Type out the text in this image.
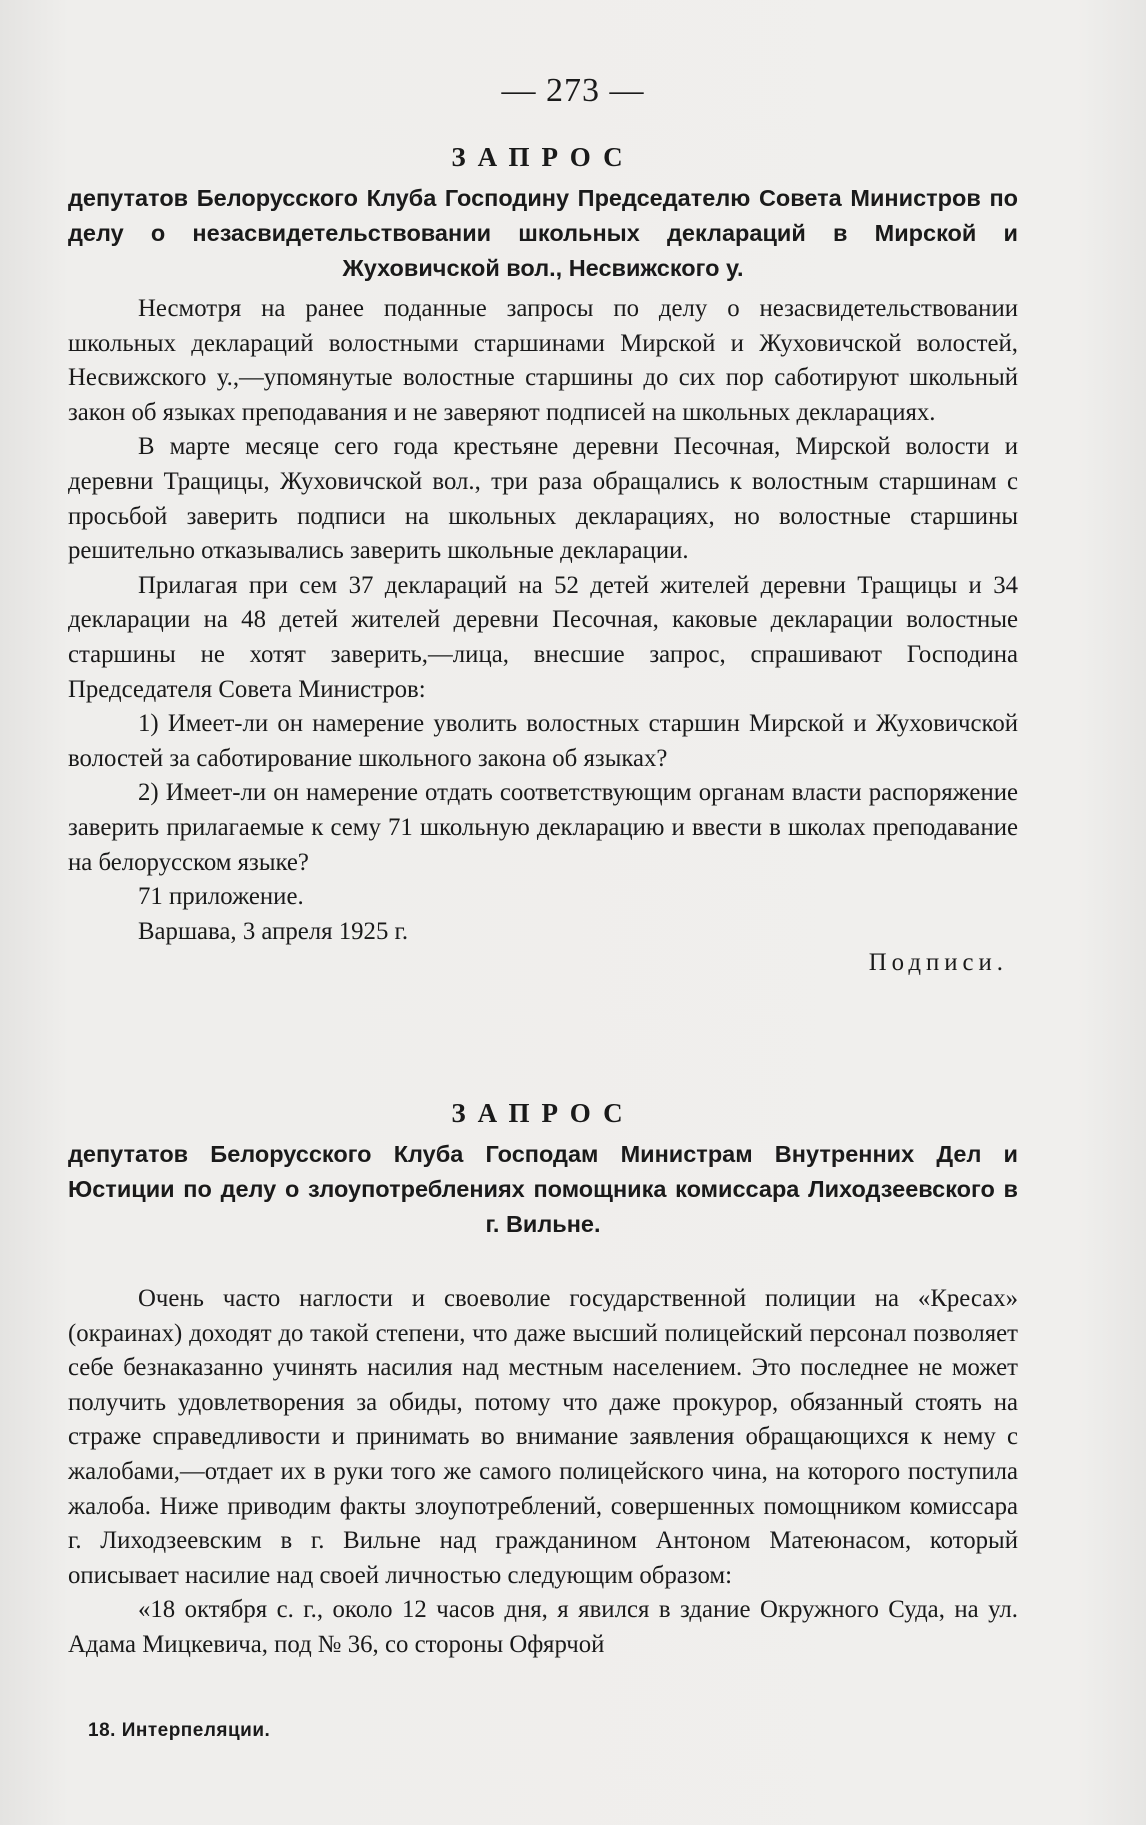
— 273 —
ЗАПРОС
депутатов Белорусского Клуба Господину Председателю Совета Министров по делу о незасвидетельствовании школьных деклараций в Мирской и Жуховичской вол., Несвижского у.

Несмотря на ранее поданные запросы по делу о незасвидетельствовании школьных деклараций волостными старшинами Мирской и Жуховичской волостей, Несвижского у.,—упомянутые волостные старшины до сих пор саботируют школьный закон об языках преподавания и не заверяют подписей на школьных декларациях.

В марте месяце сего года крестьяне деревни Песочная, Мирской волости и деревни Тращицы, Жуховичской вол., три раза обращались к волостным старшинам с просьбой заверить подписи на школьных декларациях, но волостные старшины решительно отказывались заверить школьные декларации.

Прилагая при сем 37 деклараций на 52 детей жителей деревни Тращицы и 34 декларации на 48 детей жителей деревни Песочная, каковые декларации волостные старшины не хотят заверить,—лица, внесшие запрос, спрашивают Господина Председателя Совета Министров:

1) Имеет-ли он намерение уволить волостных старшин Мирской и Жуховичской волостей за саботирование школьного закона об языках?

2) Имеет-ли он намерение отдать соответствующим органам власти распоряжение заверить прилагаемые к сему 71 школьную декларацию и ввести в школах преподавание на белорусском языке?

71 приложение.

Варшава, 3 апреля 1925 г.

Подписи.
ЗАПРОС
депутатов Белорусского Клуба Господам Министрам Внутренних Дел и Юстиции по делу о злоупотреблениях помощника комиссара Лиходзеевского в г. Вильне.

Очень часто наглости и своеволие государственной полиции на «Кресах» (окраинах) доходят до такой степени, что даже высший полицейский персонал позволяет себе безнаказанно учинять насилия над местным населением. Это последнее не может получить удовлетворения за обиды, потому что даже прокурор, обязанный стоять на страже справедливости и принимать во внимание заявления обращающихся к нему с жалобами,—отдает их в руки того же самого полицейского чина, на которого поступила жалоба. Ниже приводим факты злоупотреблений, совершенных помощником комиссара г. Лиходзеевским в г. Вильне над гражданином Антоном Матеюнасом, который описывает насилие над своей личностью следующим образом:

«18 октября с. г., около 12 часов дня, я явился в здание Окружного Суда, на ул. Адама Мицкевича, под № 36, со стороны Офярчой

18. Интерпеляции.
